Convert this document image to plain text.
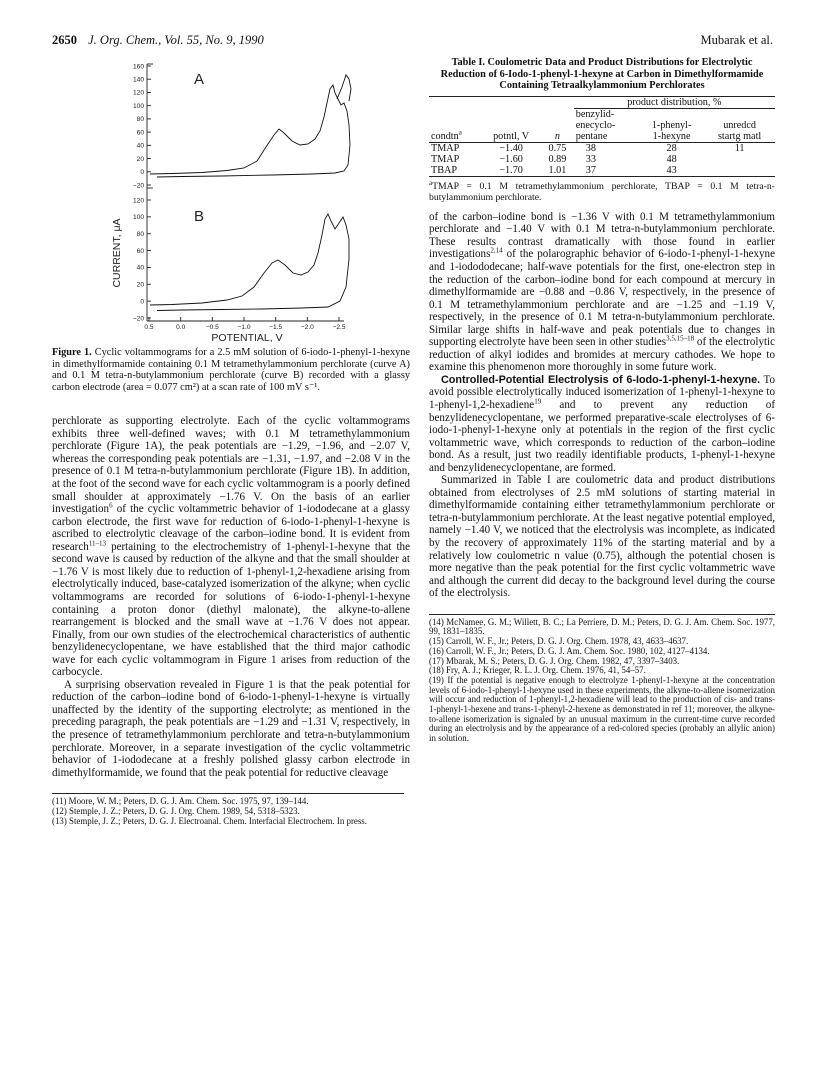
2650 J. Org. Chem., Vol. 55, No. 9, 1990	Mubarak et al.
CURRENT, μA
160
140
120
100
80
60
40
20
0
−20
A
120
100
80
60
40
20
0
−20
B
0.5	0.0	−0.5	−1.0	−1.5	−2.0	−2.5
POTENTIAL, V

Figure 1. Cyclic voltammograms for a 2.5 mM solution of 6-iodo-1-phenyl-1-hexyne in dimethylformamide containing 0.1 M tetramethylammonium perchlorate (curve A) and 0.1 M tetra-n-butylammonium perchlorate (curve B) recorded with a glassy carbon electrode (area = 0.077 cm²) at a scan rate of 100 mV s⁻¹.

perchlorate as supporting electrolyte. Each of the cyclic voltammograms exhibits three well-defined waves; with 0.1 M tetramethylammonium perchlorate (Figure 1A), the peak potentials are −1.29, −1.96, and −2.07 V, whereas the corresponding peak potentials are −1.31, −1.97, and −2.08 V in the presence of 0.1 M tetra-n-butylammonium perchlorate (Figure 1B). In addition, at the foot of the second wave for each cyclic voltammogram is a poorly defined small shoulder at approximately −1.76 V. On the basis of an earlier investigation$^6$ of the cyclic voltammetric behavior of 1-iododecane at a glassy carbon electrode, the first wave for reduction of 6-iodo-1-phenyl-1-hexyne is ascribed to electrolytic cleavage of the carbon–iodine bond. It is evident from research$^{11-13}$ pertaining to the electrochemistry of 1-phenyl-1-hexyne that the second wave is caused by reduction of the alkyne and that the small shoulder at −1.76 V is most likely due to reduction of 1-phenyl-1,2-hexadiene arising from electrolytically induced, base-catalyzed isomerization of the alkyne; when cyclic voltammograms are recorded for solutions of 6-iodo-1-phenyl-1-hexyne containing a proton donor (diethyl malonate), the alkyne-to-allene rearrangement is blocked and the small wave at −1.76 V does not appear. Finally, from our own studies of the electrochemical characteristics of authentic benzylidenecyclopentane, we have established that the third major cathodic wave for each cyclic voltammogram in Figure 1 arises from reduction of the carbocycle.

A surprising observation revealed in Figure 1 is that the peak potential for reduction of the carbon–iodine bond of 6-iodo-1-phenyl-1-hexyne is virtually unaffected by the identity of the supporting electrolyte; as mentioned in the preceding paragraph, the peak potentials are −1.29 and −1.31 V, respectively, in the presence of tetramethylammonium perchlorate and tetra-n-butylammonium perchlorate. Moreover, in a separate investigation of the cyclic voltammetric behavior of 1-iododecane at a freshly polished glassy carbon electrode in dimethylformamide, we found that the peak potential for reductive cleavage

(11) Moore, W. M.; Peters, D. G. J. Am. Chem. Soc. 1975, 97, 139–144.

(12) Stemple, J. Z.; Peters, D. G. J. Org. Chem. 1989, 54, 5318–5323.

(13) Stemple, J. Z.; Peters, D. G. J. Electroanal. Chem. Interfacial Electrochem. In press.

Table I. Coulometric Data and Product Distributions for Electrolytic Reduction of 6-Iodo-1-phenyl-1-hexyne at Carbon in Dimethylformamide Containing Tetraalkylammonium Perchlorates
			product distribution, %		
			benzylid-		
			enecyclo-	1-phenyl-	unredcd
condtn$^a$	potntl, V	n	pentane	1-hexyne	startg matl
TMAP	−1.40	0.75	38	28	11
TMAP	−1.60	0.89	33	48	
TBAP	−1.70	1.01	37	43	

$^a$TMAP = 0.1 M tetramethylammonium perchlorate, TBAP = 0.1 M tetra-n-butylammonium perchlorate.

of the carbon–iodine bond is −1.36 V with 0.1 M tetramethylammonium perchlorate and −1.40 V with 0.1 M tetra-n-butylammonium perchlorate. These results contrast dramatically with those found in earlier investigations$^{2,14}$ of the polarographic behavior of 6-iodo-1-phenyl-1-hexyne and 1-iodododecane; half-wave potentials for the first, one-electron step in the reduction of the carbon–iodine bond for each compound at mercury in dimethylformamide are −0.88 and −0.86 V, respectively, in the presence of 0.1 M tetramethylammonium perchlorate and are −1.25 and −1.19 V, respectively, in the presence of 0.1 M tetra-n-butylammonium perchlorate. Similar large shifts in half-wave and peak potentials due to changes in supporting electrolyte have been seen in other studies$^{3,5,15-18}$ of the electrolytic reduction of alkyl iodides and bromides at mercury cathodes. We hope to examine this phenomenon more thoroughly in some future work.

Controlled-Potential Electrolysis of 6-Iodo-1-phenyl-1-hexyne. To avoid possible electrolytically induced isomerization of 1-phenyl-1-hexyne to 1-phenyl-1,2-hexadiene$^{19}$ and to prevent any reduction of benzylidenecyclopentane, we performed preparative-scale electrolyses of 6-iodo-1-phenyl-1-hexyne only at potentials in the region of the first cyclic voltammetric wave, which corresponds to reduction of the carbon–iodine bond. As a result, just two readily identifiable products, 1-phenyl-1-hexyne and benzylidenecyclopentane, are formed.

Summarized in Table I are coulometric data and product distributions obtained from electrolyses of 2.5 mM solutions of starting material in dimethylformamide containing either tetramethylammonium perchlorate or tetra-n-butylammonium perchlorate. At the least negative potential employed, namely −1.40 V, we noticed that the electrolysis was incomplete, as indicated by the recovery of approximately 11% of the starting material and by a relatively low coulometric n value (0.75), although the potential chosen is more negative than the peak potential for the first cyclic voltammetric wave and although the current did decay to the background level during the course of the electrolysis.

(14) McNamee, G. M.; Willett, B. C.; La Perriere, D. M.; Peters, D. G. J. Am. Chem. Soc. 1977, 99, 1831–1835.

(15) Carroll, W. F., Jr.; Peters, D. G. J. Org. Chem. 1978, 43, 4633–4637.

(16) Carroll, W. F., Jr.; Peters, D. G. J. Am. Chem. Soc. 1980, 102, 4127–4134.

(17) Mbarak, M. S.; Peters, D. G. J. Org. Chem. 1982, 47, 3397–3403.

(18) Fry, A. J.; Krieger, R. L. J. Org. Chem. 1976, 41, 54–57.

(19) If the potential is negative enough to electrolyze 1-phenyl-1-hexyne at the concentration levels of 6-iodo-1-phenyl-1-hexyne used in these experiments, the alkyne-to-allene isomerization will occur and reduction of 1-phenyl-1,2-hexadiene will lead to the production of cis- and trans-1-phenyl-1-hexene and trans-1-phenyl-2-hexene as demonstrated in ref 11; moreover, the alkyne-to-allene isomerization is signaled by an unusual maximum in the current-time curve recorded during an electrolysis and by the appearance of a red-colored species (probably an allylic anion) in solution.
